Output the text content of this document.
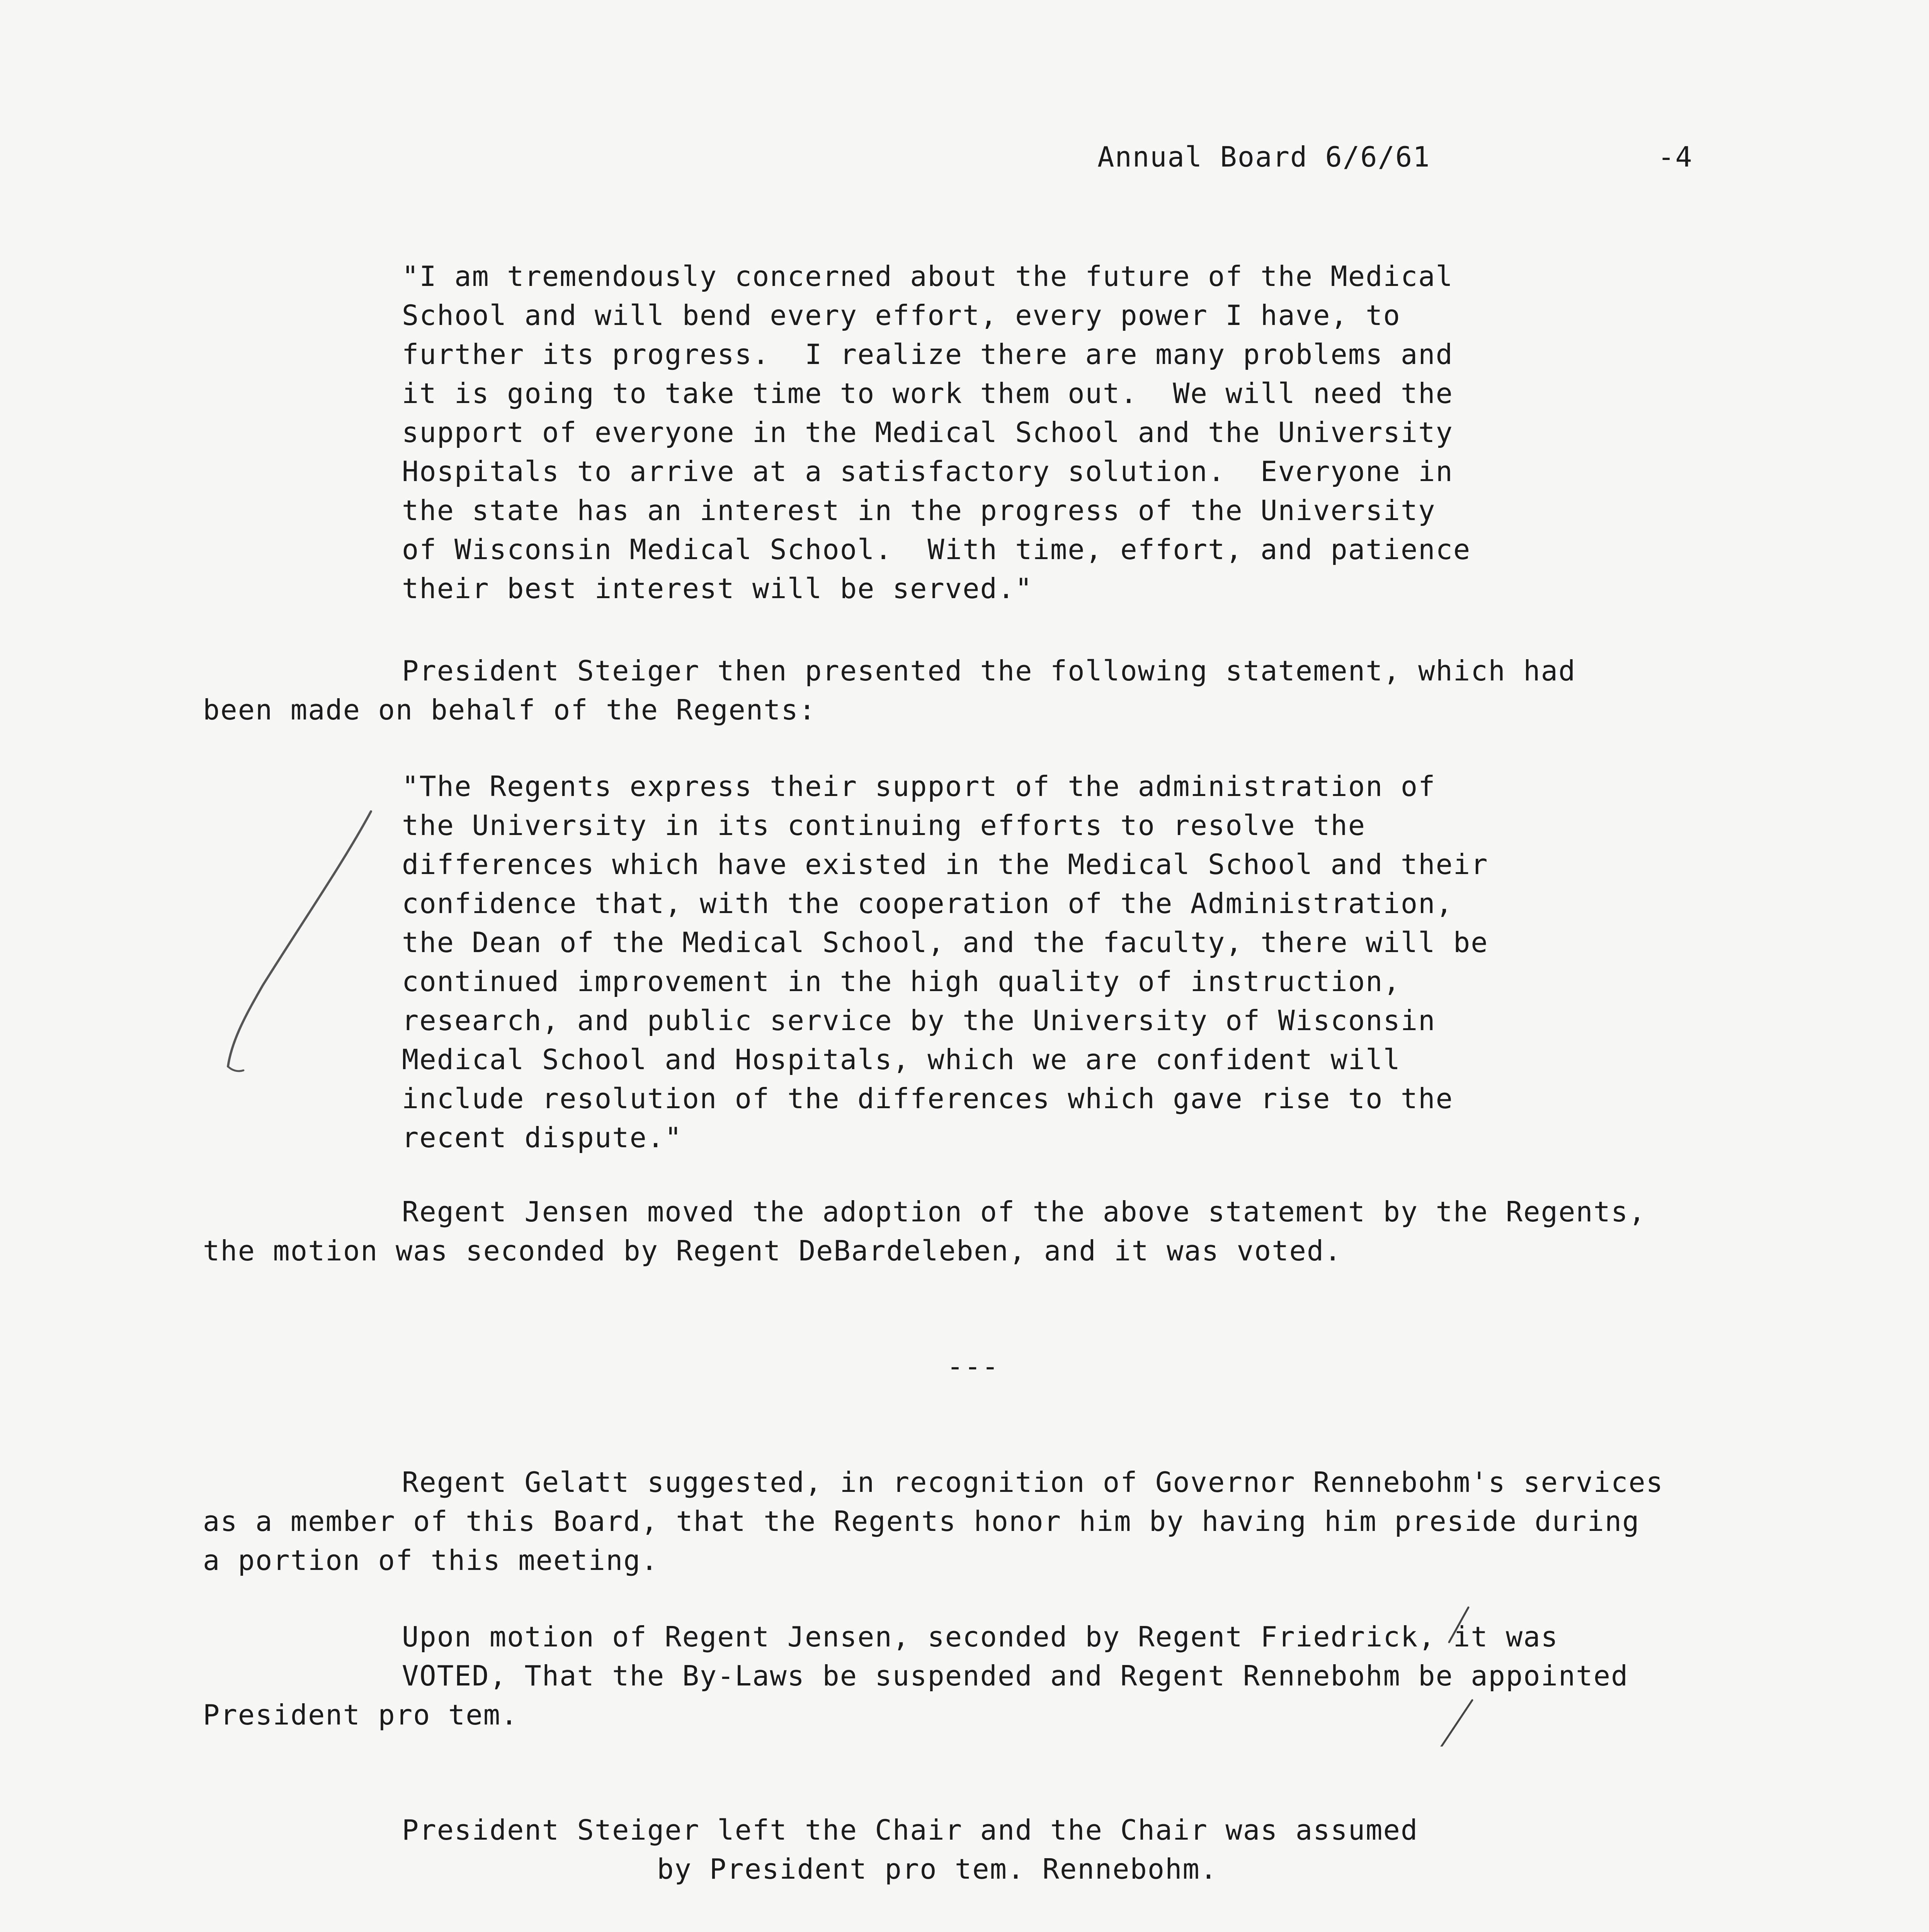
Annual Board 6/6/61	-4
"I am tremendously concerned about the future of the Medical
School and will bend every effort, every power I have, to
further its progress.  I realize there are many problems and
it is going to take time to work them out.  We will need the
support of everyone in the Medical School and the University
Hospitals to arrive at a satisfactory solution.  Everyone in
the state has an interest in the progress of the University
of Wisconsin Medical School.  With time, effort, and patience
their best interest will be served."
President Steiger then presented the following statement, which had
been made on behalf of the Regents:
"The Regents express their support of the administration of
the University in its continuing efforts to resolve the
differences which have existed in the Medical School and their
confidence that, with the cooperation of the Administration,
the Dean of the Medical School, and the faculty, there will be
continued improvement in the high quality of instruction,
research, and public service by the University of Wisconsin
Medical School and Hospitals, which we are confident will
include resolution of the differences which gave rise to the
recent dispute."
Regent Jensen moved the adoption of the above statement by the Regents,
the motion was seconded by Regent DeBardeleben, and it was voted.
---
Regent Gelatt suggested, in recognition of Governor Rennebohm's services
as a member of this Board, that the Regents honor him by having him preside during
a portion of this meeting.
Upon motion of Regent Jensen, seconded by Regent Friedrick, it was
VOTED, That the By-Laws be suspended and Regent Rennebohm be appointed
President pro tem.
President Steiger left the Chair and the Chair was assumed
by President pro tem. Rennebohm.
